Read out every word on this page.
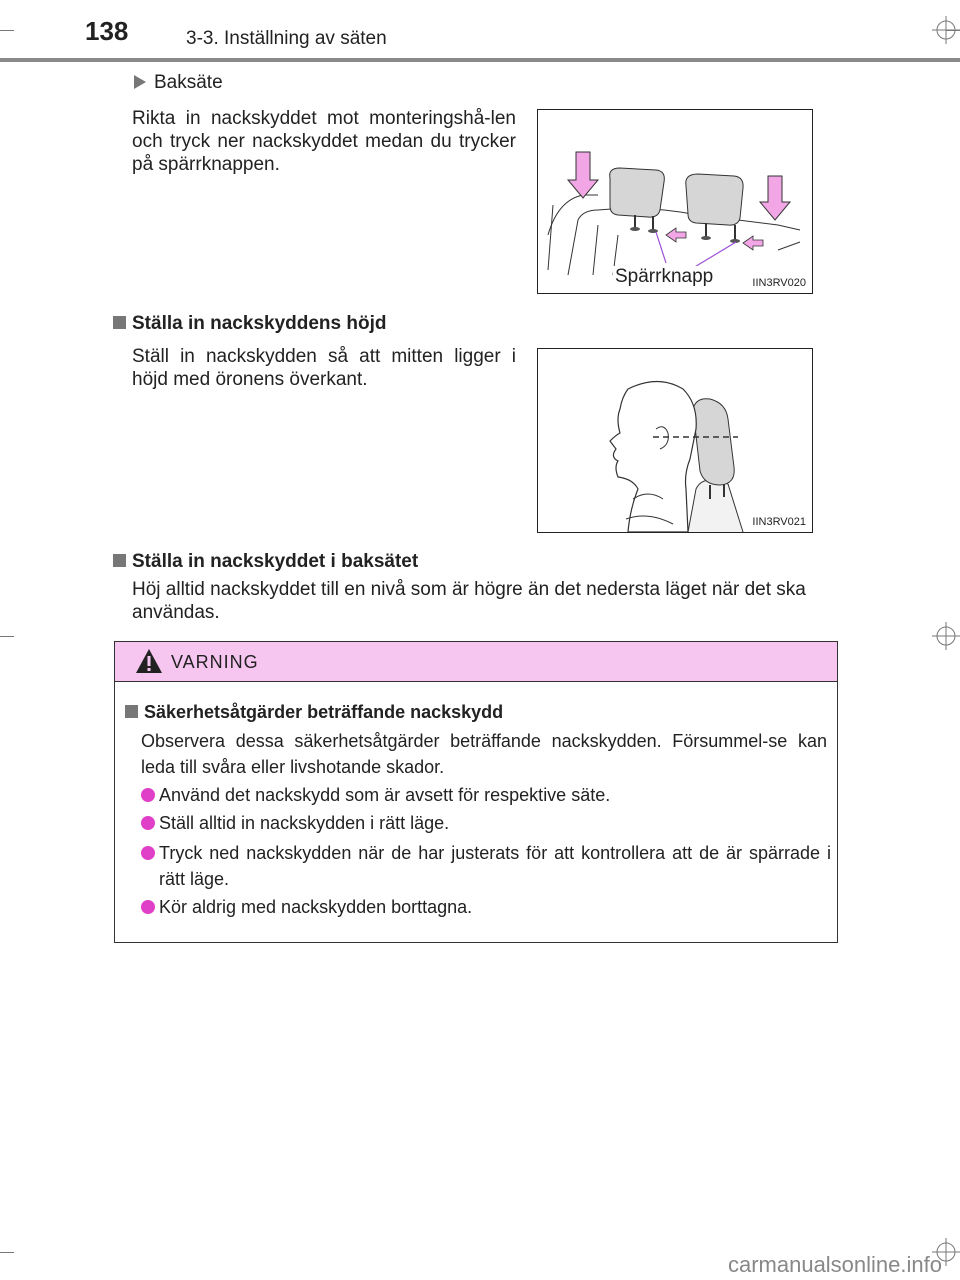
138	3-3. Inställning av säten
Baksäte
Rikta in nackskyddet mot monteringshå-len och tryck ner nackskyddet medan du trycker på spärrknappen.
Spärrknapp	IIN3RV020
Ställa in nackskyddens höjd
Ställ in nackskydden så att mitten ligger i höjd med öronens överkant.
IIN3RV021
Ställa in nackskyddet i baksätet
Höj alltid nackskyddet till en nivå som är högre än det nedersta läget när det ska användas.
VARNING
Säkerhetsåtgärder beträffande nackskydd
Observera dessa säkerhetsåtgärder beträffande nackskydden. Försummel-se kan leda till svåra eller livshotande skador.
Använd det nackskydd som är avsett för respektive säte.
Ställ alltid in nackskydden i rätt läge.
Tryck ned nackskydden när de har justerats för att kontrollera att de är spärrade i rätt läge.
Kör aldrig med nackskydden borttagna.
carmanualsonline.info
